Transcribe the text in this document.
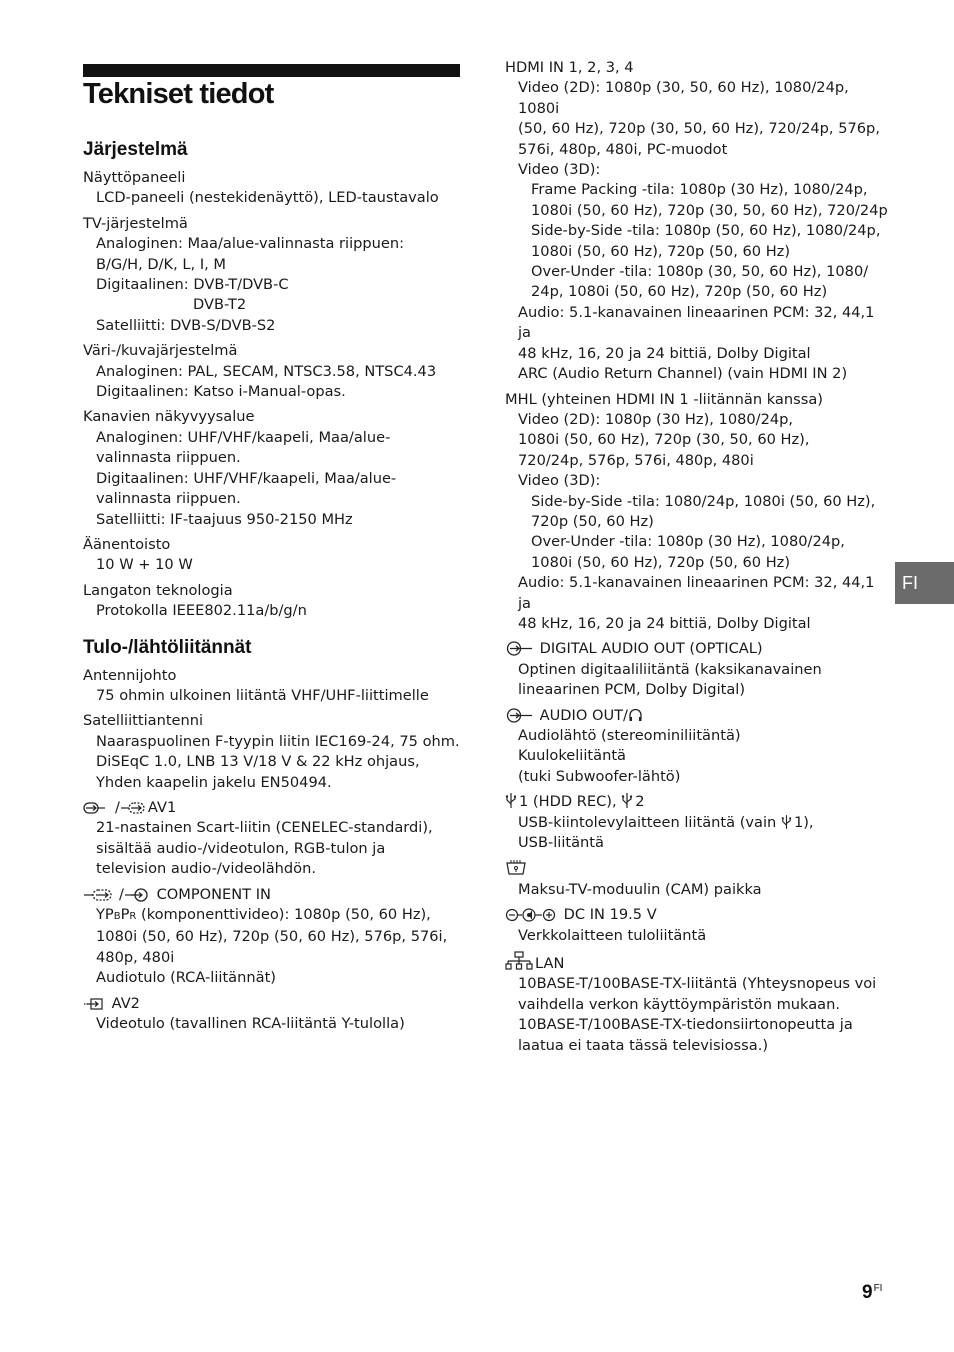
Tekniset tiedot
Järjestelmä
Näyttöpaneeli
LCD-paneeli (nestekidenäyttö), LED-taustavalo
TV-järjestelmä
Analoginen: Maa/alue-valinnasta riippuen:
B/G/H, D/K, L, I, M
Digitaalinen: DVB-T/DVB-C
DVB-T2
Satelliitti: DVB-S/DVB-S2
Väri-/kuvajärjestelmä
Analoginen: PAL, SECAM, NTSC3.58, NTSC4.43
Digitaalinen: Katso i-Manual-opas.
Kanavien näkyvyysalue
Analoginen: UHF/VHF/kaapeli, Maa/alue-
valinnasta riippuen.
Digitaalinen: UHF/VHF/kaapeli, Maa/alue-
valinnasta riippuen.
Satelliitti: IF-taajuus 950-2150 MHz
Äänentoisto
10 W + 10 W
Langaton teknologia
Protokolla IEEE802.11a/b/g/n
Tulo-/lähtöliitännät
Antennijohto
75 ohmin ulkoinen liitäntä VHF/UHF-liittimelle
Satelliittiantenni
Naaraspuolinen F-tyypin liitin IEC169-24, 75 ohm.
DiSEqC 1.0, LNB 13 V/18 V & 22 kHz ohjaus,
Yhden kaapelin jakelu EN50494.
/ AV1
21-nastainen Scart-liitin (CENELEC-standardi),
sisältää audio-/videotulon, RGB-tulon ja
television audio-/videolähdön.
/ COMPONENT IN
YPBPR (komponenttivideo): 1080p (50, 60 Hz),
1080i (50, 60 Hz), 720p (50, 60 Hz), 576p, 576i,
480p, 480i
Audiotulo (RCA-liitännät)
AV2
Videotulo (tavallinen RCA-liitäntä Y-tulolla)
HDMI IN 1, 2, 3, 4
Video (2D): 1080p (30, 50, 60 Hz), 1080/24p, 1080i
(50, 60 Hz), 720p (30, 50, 60 Hz), 720/24p, 576p,
576i, 480p, 480i, PC-muodot
Video (3D):
Frame Packing -tila: 1080p (30 Hz), 1080/24p,
1080i (50, 60 Hz), 720p (30, 50, 60 Hz), 720/24p
Side-by-Side -tila: 1080p (50, 60 Hz), 1080/24p,
1080i (50, 60 Hz), 720p (50, 60 Hz)
Over-Under -tila: 1080p (30, 50, 60 Hz), 1080/
24p, 1080i (50, 60 Hz), 720p (50, 60 Hz)
Audio: 5.1-kanavainen lineaarinen PCM: 32, 44,1 ja
48 kHz, 16, 20 ja 24 bittiä, Dolby Digital
ARC (Audio Return Channel) (vain HDMI IN 2)
MHL (yhteinen HDMI IN 1 -liitännän kanssa)
Video (2D): 1080p (30 Hz), 1080/24p,
1080i (50, 60 Hz), 720p (30, 50, 60 Hz),
720/24p, 576p, 576i, 480p, 480i
Video (3D):
Side-by-Side -tila: 1080/24p, 1080i (50, 60 Hz),
720p (50, 60 Hz)
Over-Under -tila: 1080p (30 Hz), 1080/24p,
1080i (50, 60 Hz), 720p (50, 60 Hz)
Audio: 5.1-kanavainen lineaarinen PCM: 32, 44,1 ja
48 kHz, 16, 20 ja 24 bittiä, Dolby Digital
DIGITAL AUDIO OUT (OPTICAL)
Optinen digitaaliliitäntä (kaksikanavainen
lineaarinen PCM, Dolby Digital)
AUDIO OUT/
Audiolähtö (stereominiliitäntä)
Kuulokeliitäntä
(tuki Subwoofer-lähtö)
1 (HDD REC), 2
USB-kiintolevylaitteen liitäntä (vain 1),
USB-liitäntä
Maksu-TV-moduulin (CAM) paikka
DC IN 19.5 V
Verkkolaitteen tuloliitäntä
LAN
10BASE-T/100BASE-TX-liitäntä (Yhteysnopeus voi
vaihdella verkon käyttöympäristön mukaan.
10BASE-T/100BASE-TX-tiedonsiirtonopeutta ja
laatua ei taata tässä televisiossa.)
FI
$9^{FI}$
